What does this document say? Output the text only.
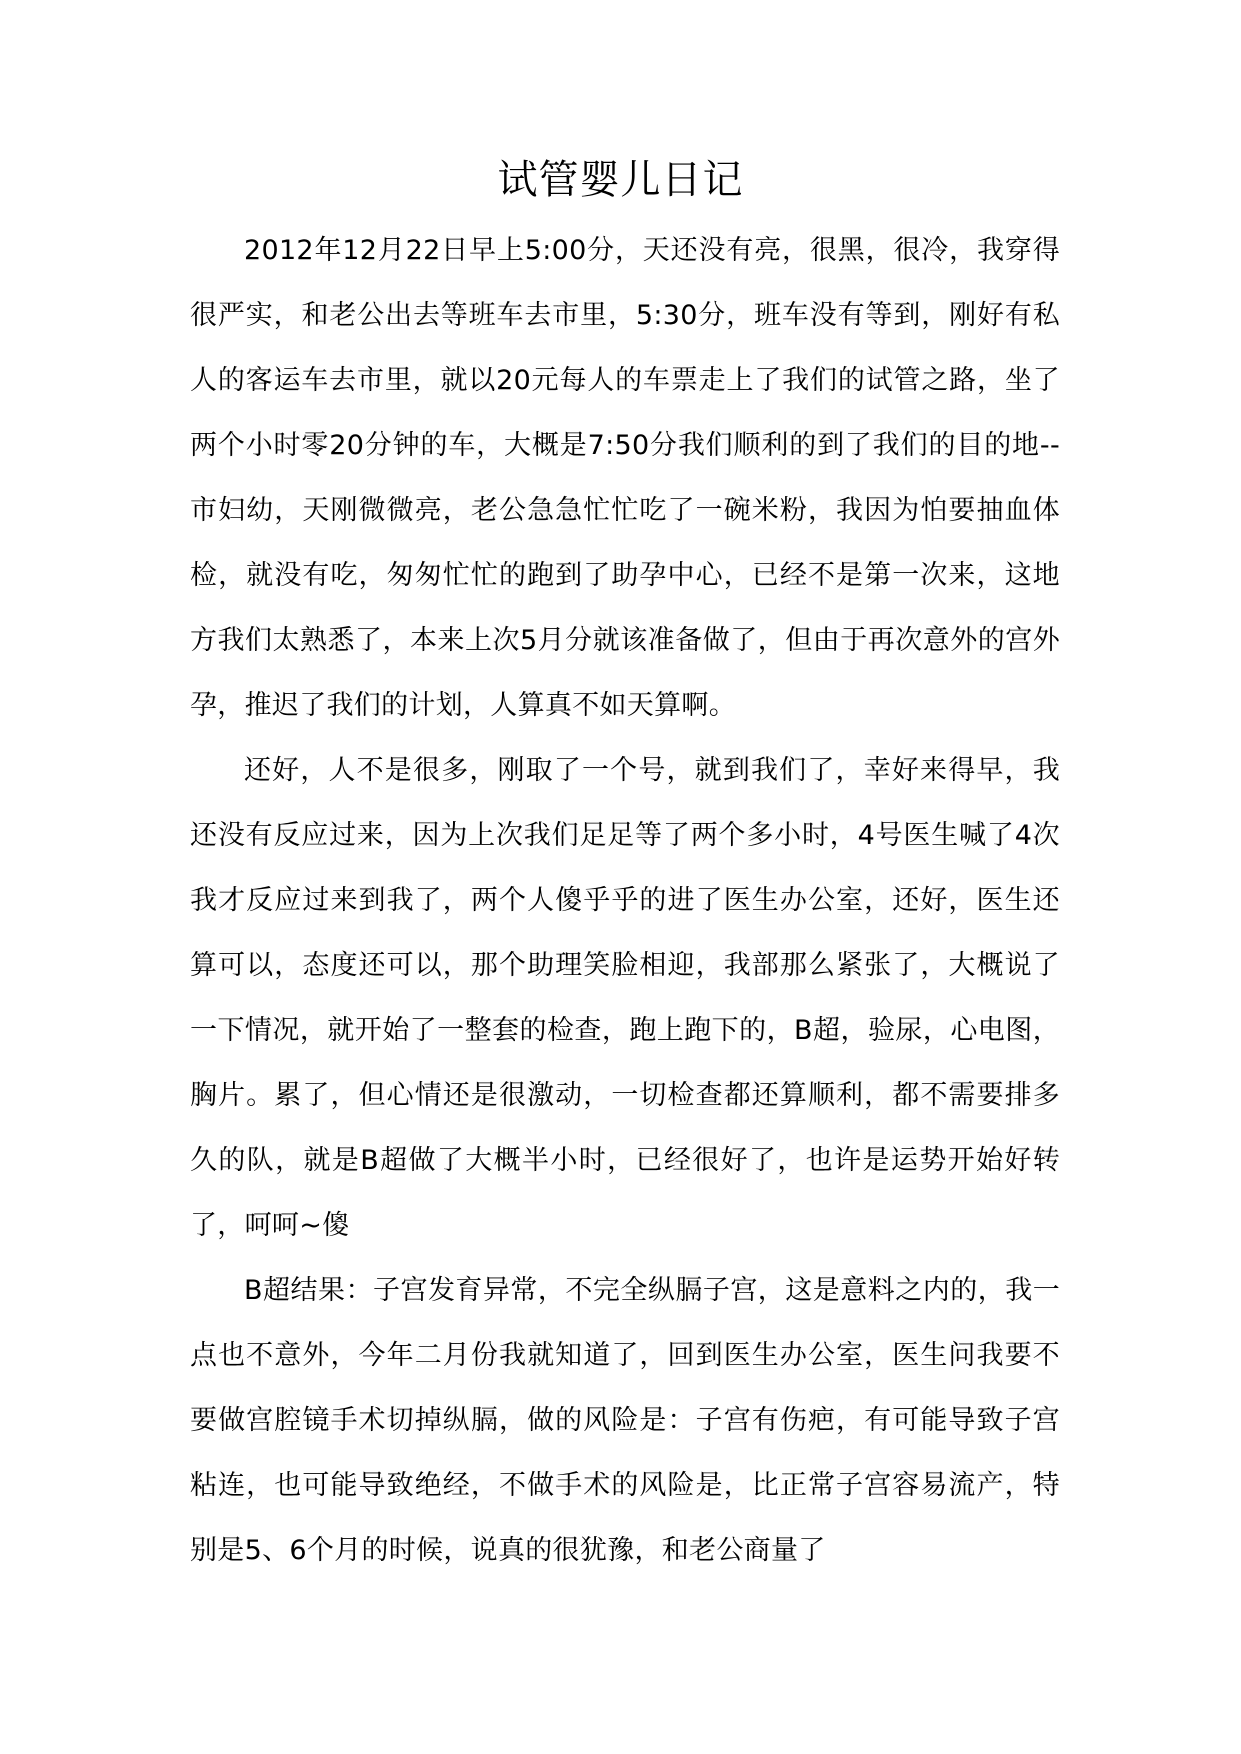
试管婴儿日记

2012年12月22日早上5:00分，天还没有亮，很黑，很冷，我穿得很严实，和老公出去等班车去市里，5:30分，班车没有等到，刚好有私人的客运车去市里，就以20元每人的车票走上了我们的试管之路，坐了两个小时零20分钟的车，大概是7:50分我们顺利的到了我们的目的地--市妇幼，天刚微微亮，老公急急忙忙吃了一碗米粉，我因为怕要抽血体检，就没有吃，匆匆忙忙的跑到了助孕中心，已经不是第一次来，这地方我们太熟悉了，本来上次5月分就该准备做了，但由于再次意外的宫外孕，推迟了我们的计划，人算真不如天算啊。

还好，人不是很多，刚取了一个号，就到我们了，幸好来得早，我还没有反应过来，因为上次我们足足等了两个多小时，4号医生喊了4次我才反应过来到我了，两个人傻乎乎的进了医生办公室，还好，医生还算可以，态度还可以，那个助理笑脸相迎，我部那么紧张了，大概说了一下情况，就开始了一整套的检查，跑上跑下的，B超，验尿，心电图，胸片。累了，但心情还是很激动，一切检查都还算顺利，都不需要排多久的队，就是B超做了大概半小时，已经很好了，也许是运势开始好转了，呵呵~傻

B超结果：子宫发育异常，不完全纵膈子宫，这是意料之内的，我一点也不意外，今年二月份我就知道了，回到医生办公室，医生问我要不要做宫腔镜手术切掉纵膈，做的风险是：子宫有伤疤，有可能导致子宫粘连，也可能导致绝经，不做手术的风险是，比正常子宫容易流产，特别是5、6个月的时候，说真的很犹豫，和老公商量了
